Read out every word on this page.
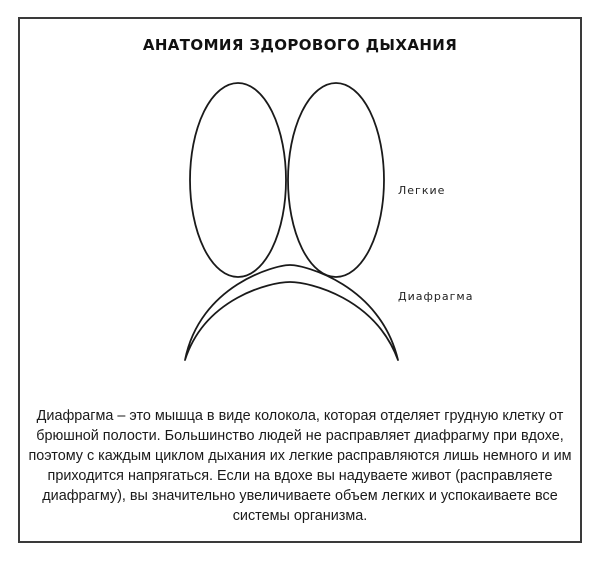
АНАТОМИЯ ЗДОРОВОГО ДЫХАНИЯ
Легкие
Диафрагма
Диафрагма – это мышца в виде колокола, которая отделяет грудную клетку от брюшной полости. Большинство людей не расправляет диафрагму при вдохе, поэтому с каждым циклом дыхания их легкие расправляются лишь немного и им приходится напрягаться. Если на вдохе вы надуваете живот (расправляете диафрагму), вы значительно увеличиваете объем легких и успокаиваете все системы организма.
